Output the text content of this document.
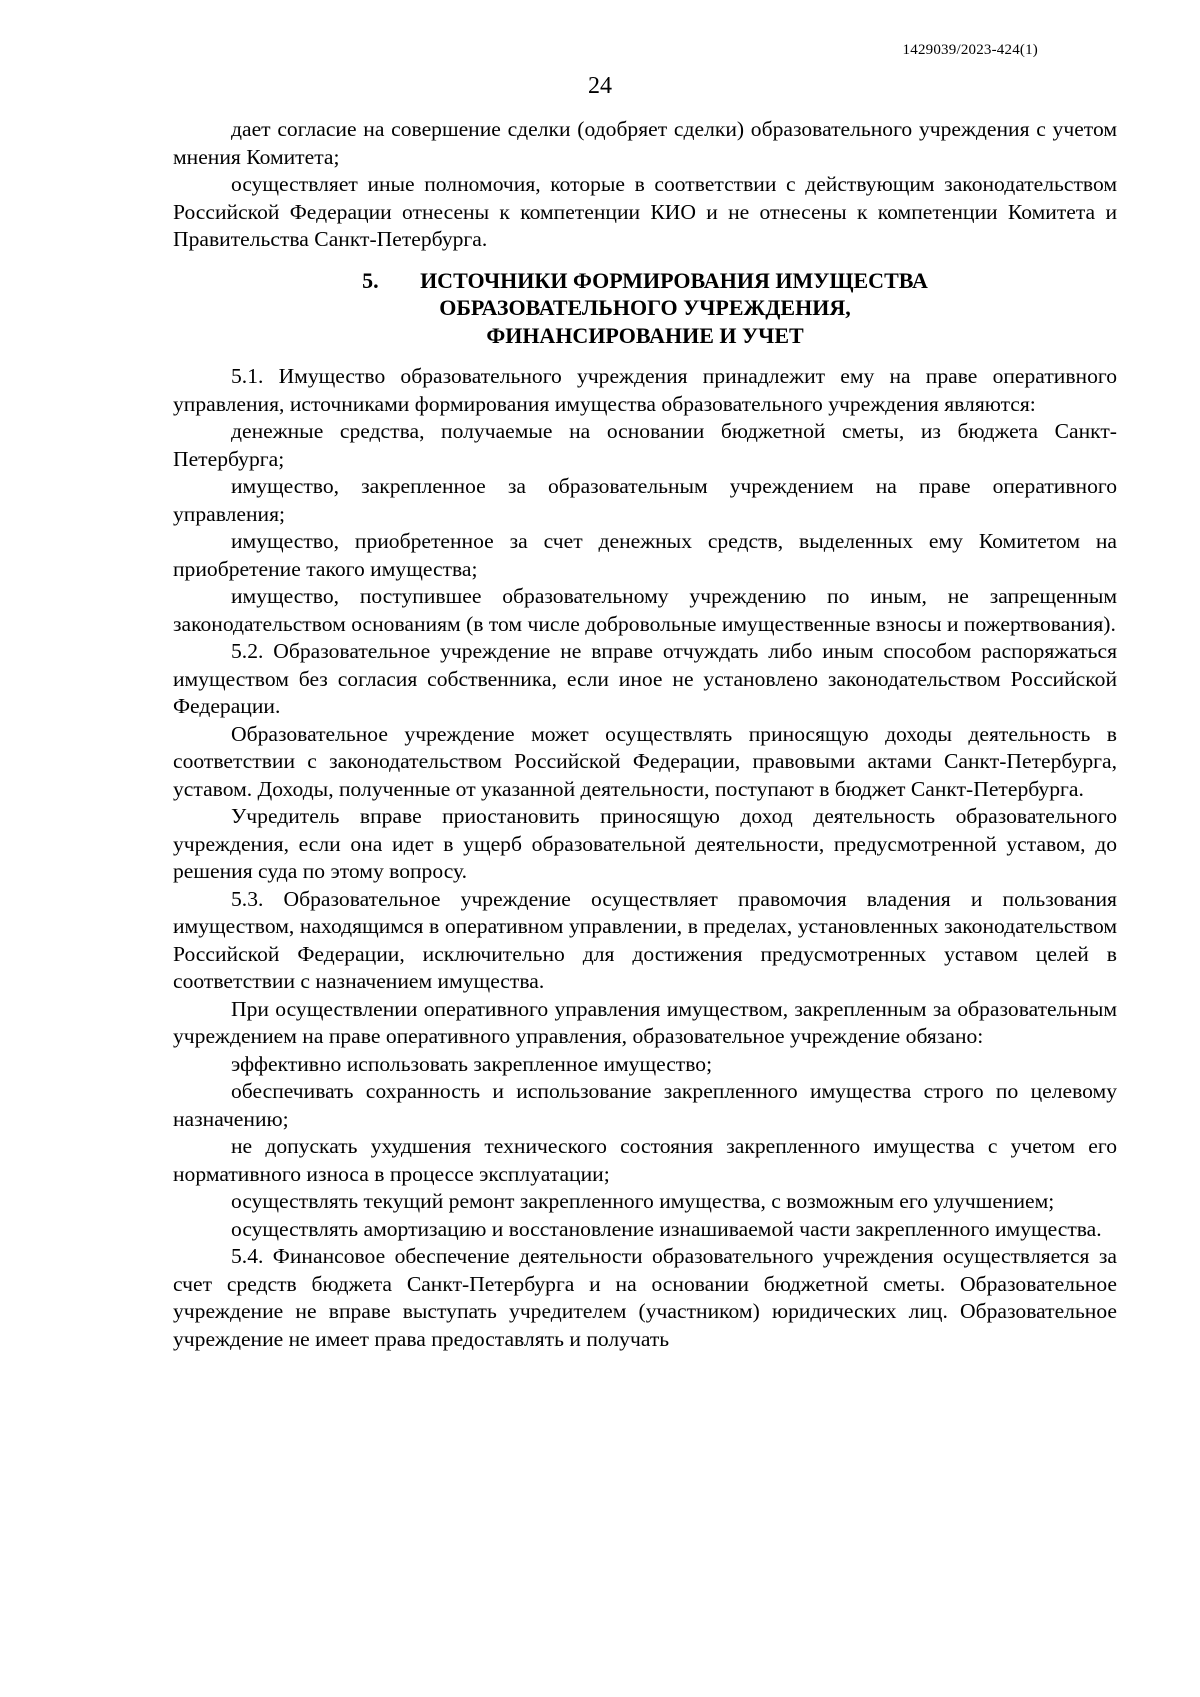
1429039/2023-424(1)
24

дает согласие на совершение сделки (одобряет сделки) образовательного учреждения с учетом мнения Комитета;

осуществляет иные полномочия, которые в соответствии с действующим законодательством Российской Федерации отнесены к компетенции КИО и не отнесены к компетенции Комитета и Правительства Санкт-Петербурга.

5. ИСТОЧНИКИ ФОРМИРОВАНИЯ ИМУЩЕСТВА
ОБРАЗОВАТЕЛЬНОГО УЧРЕЖДЕНИЯ,
ФИНАНСИРОВАНИЕ И УЧЕТ

5.1. Имущество образовательного учреждения принадлежит ему на праве оперативного управления, источниками формирования имущества образовательного учреждения являются:

денежные средства, получаемые на основании бюджетной сметы, из бюджета Санкт-Петербурга;

имущество, закрепленное за образовательным учреждением на праве оперативного управления;

имущество, приобретенное за счет денежных средств, выделенных ему Комитетом на приобретение такого имущества;

имущество, поступившее образовательному учреждению по иным, не запрещенным законодательством основаниям (в том числе добровольные имущественные взносы и пожертвования).

5.2. Образовательное учреждение не вправе отчуждать либо иным способом распоряжаться имуществом без согласия собственника, если иное не установлено законодательством Российской Федерации.

Образовательное учреждение может осуществлять приносящую доходы деятельность в соответствии с законодательством Российской Федерации, правовыми актами Санкт-Петербурга, уставом. Доходы, полученные от указанной деятельности, поступают в бюджет Санкт-Петербурга.

Учредитель вправе приостановить приносящую доход деятельность образовательного учреждения, если она идет в ущерб образовательной деятельности, предусмотренной уставом, до решения суда по этому вопросу.

5.3. Образовательное учреждение осуществляет правомочия владения и пользования имуществом, находящимся в оперативном управлении, в пределах, установленных законодательством Российской Федерации, исключительно для достижения предусмотренных уставом целей в соответствии с назначением имущества.

При осуществлении оперативного управления имуществом, закрепленным за образовательным учреждением на праве оперативного управления, образовательное учреждение обязано:

эффективно использовать закрепленное имущество;

обеспечивать сохранность и использование закрепленного имущества строго по целевому назначению;

не допускать ухудшения технического состояния закрепленного имущества с учетом его нормативного износа в процессе эксплуатации;

осуществлять текущий ремонт закрепленного имущества, с возможным его улучшением;

осуществлять амортизацию и восстановление изнашиваемой части закрепленного имущества.

5.4. Финансовое обеспечение деятельности образовательного учреждения осуществляется за счет средств бюджета Санкт-Петербурга и на основании бюджетной сметы. Образовательное учреждение не вправе выступать учредителем (участником) юридических лиц. Образовательное учреждение не имеет права предоставлять и получать
